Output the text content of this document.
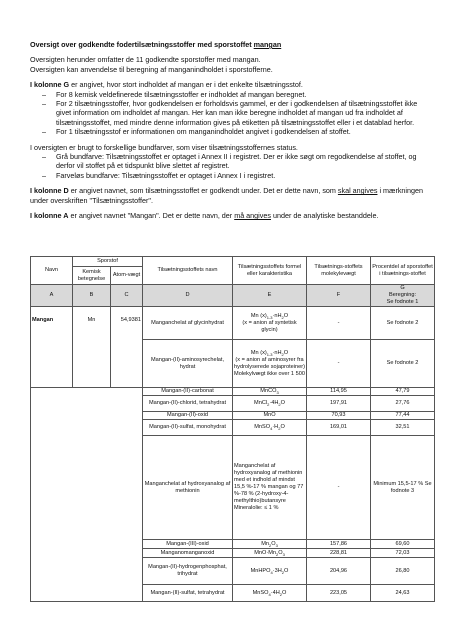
Oversigt over godkendte fodertilsætningsstoffer med sporstoffet mangan

Oversigten herunder omfatter de 11 godkendte sporstoffer med mangan.

Oversigten kan anvendelse til beregning af manganindholdet i sporstofferne.

I kolonne G er angivet, hvor stort indholdet af mangan er i det enkelte tilsætningsstof.

– For 8 kemisk veldefinerede tilsætningsstoffer er indholdet af mangan beregnet.

– For 2 tilsætningsstoffer, hvor godkendelsen er forholdsvis gammel, er der i godkendelsen af tilsætningsstoffet ikke givet information om indholdet af mangan. Her kan man ikke beregne indholdet af mangan ud fra indholdet af tilsætningsstoffet, med mindre denne information gives på etiketten på tilsætningsstoffet eller i et datablad herfor.

– For 1 tilsætningsstof er informationen om manganindholdet angivet i godkendelsen af stoffet.

I oversigten er brugt to forskellige bundfarver, som viser tilsætningsstoffernes status.

– Grå bundfarve: Tilsætningsstoffet er optaget i Annex II i registret. Der er ikke søgt om regodkendelse af stoffet, og derfor vil stoffet på et tidspunkt blive slettet af registret.

– Farveløs bundfarve: Tilsætningsstoffet er optaget i Annex I i registret.

I kolonne D er angivet navnet, som tilsætningsstoffet er godkendt under. Det er dette navn, som skal angives i mærkningen under overskriften "Tilsætningsstoffer".

I kolonne A er angivet navnet "Mangan". Det er dette navn, der må angives under de analytiske bestanddele.

Navn	Sporstof		Tilsætningsstoffets navn	Tilsætningsstoffets formel eller karakteristika	Tilsætnings-stoffets molekylevægt	Procentdel af sporstoffet i tilsætnings-stoffet
	Kemisk betegnelse	Atom-vægt				
A	B	C	D	E	F	G
Beregning:
Se fodnote 1

Mangan	Mn	54,9381	Manganchelat af glycinhydrat	Mn $(x)_{1-3}\cdot nH_2O$
(x = anion af syntetisk glycin)	-	Se fodnote 2
			Mangan-(II)-aminosyrechelat, hydrat	Mn $(x)_{1-3}\cdot nH_2O$
(x = anion af aminosyrer fra hydrolyserede sojaproteiner)
Molekylvægt ikke over 1 500	-	Se fodnote 2
			Mangan-(II)-carbonat	MnCO$_3$	114,95	47,79
			Mangan-(II)-chlorid, tetrahydrat	$MnCl_2\cdot 4H_2O$	197,91	27,76
			Mangan-(II)-oxid	MnO	70,93	77,44
			Mangan-(II)-sulfat, monohydrat	$MnSO_4\cdot H_2O$	169,01	32,51
			Manganchelat af hydroxyanalog af methionin	Manganchelat af hydroxyanalog af methionin med et indhold af mindst 15,5 %-17 % mangan og 77 %-78 % (2-hydroxy-4-methylthio)butansyre Mineralolie: ≤ 1 %	-	Minimum 15,5-17 % Se fodnote 3
			Mangan-(III)-oxid	$Mn_2O_3$	157,86	69,60
			Manganomanganoxid	$MnO\cdot Mn_2O_3$	228,81	72,03
			Mangan-(II)-hydrogenphosphat, trihydrat	$MnHPO_4\cdot 3H_2O$	204,96	26,80
			Mangan-(II)-sulfat, tetrahydrat	$MnSO_4\cdot 4H_2O$	223,05	24,63
